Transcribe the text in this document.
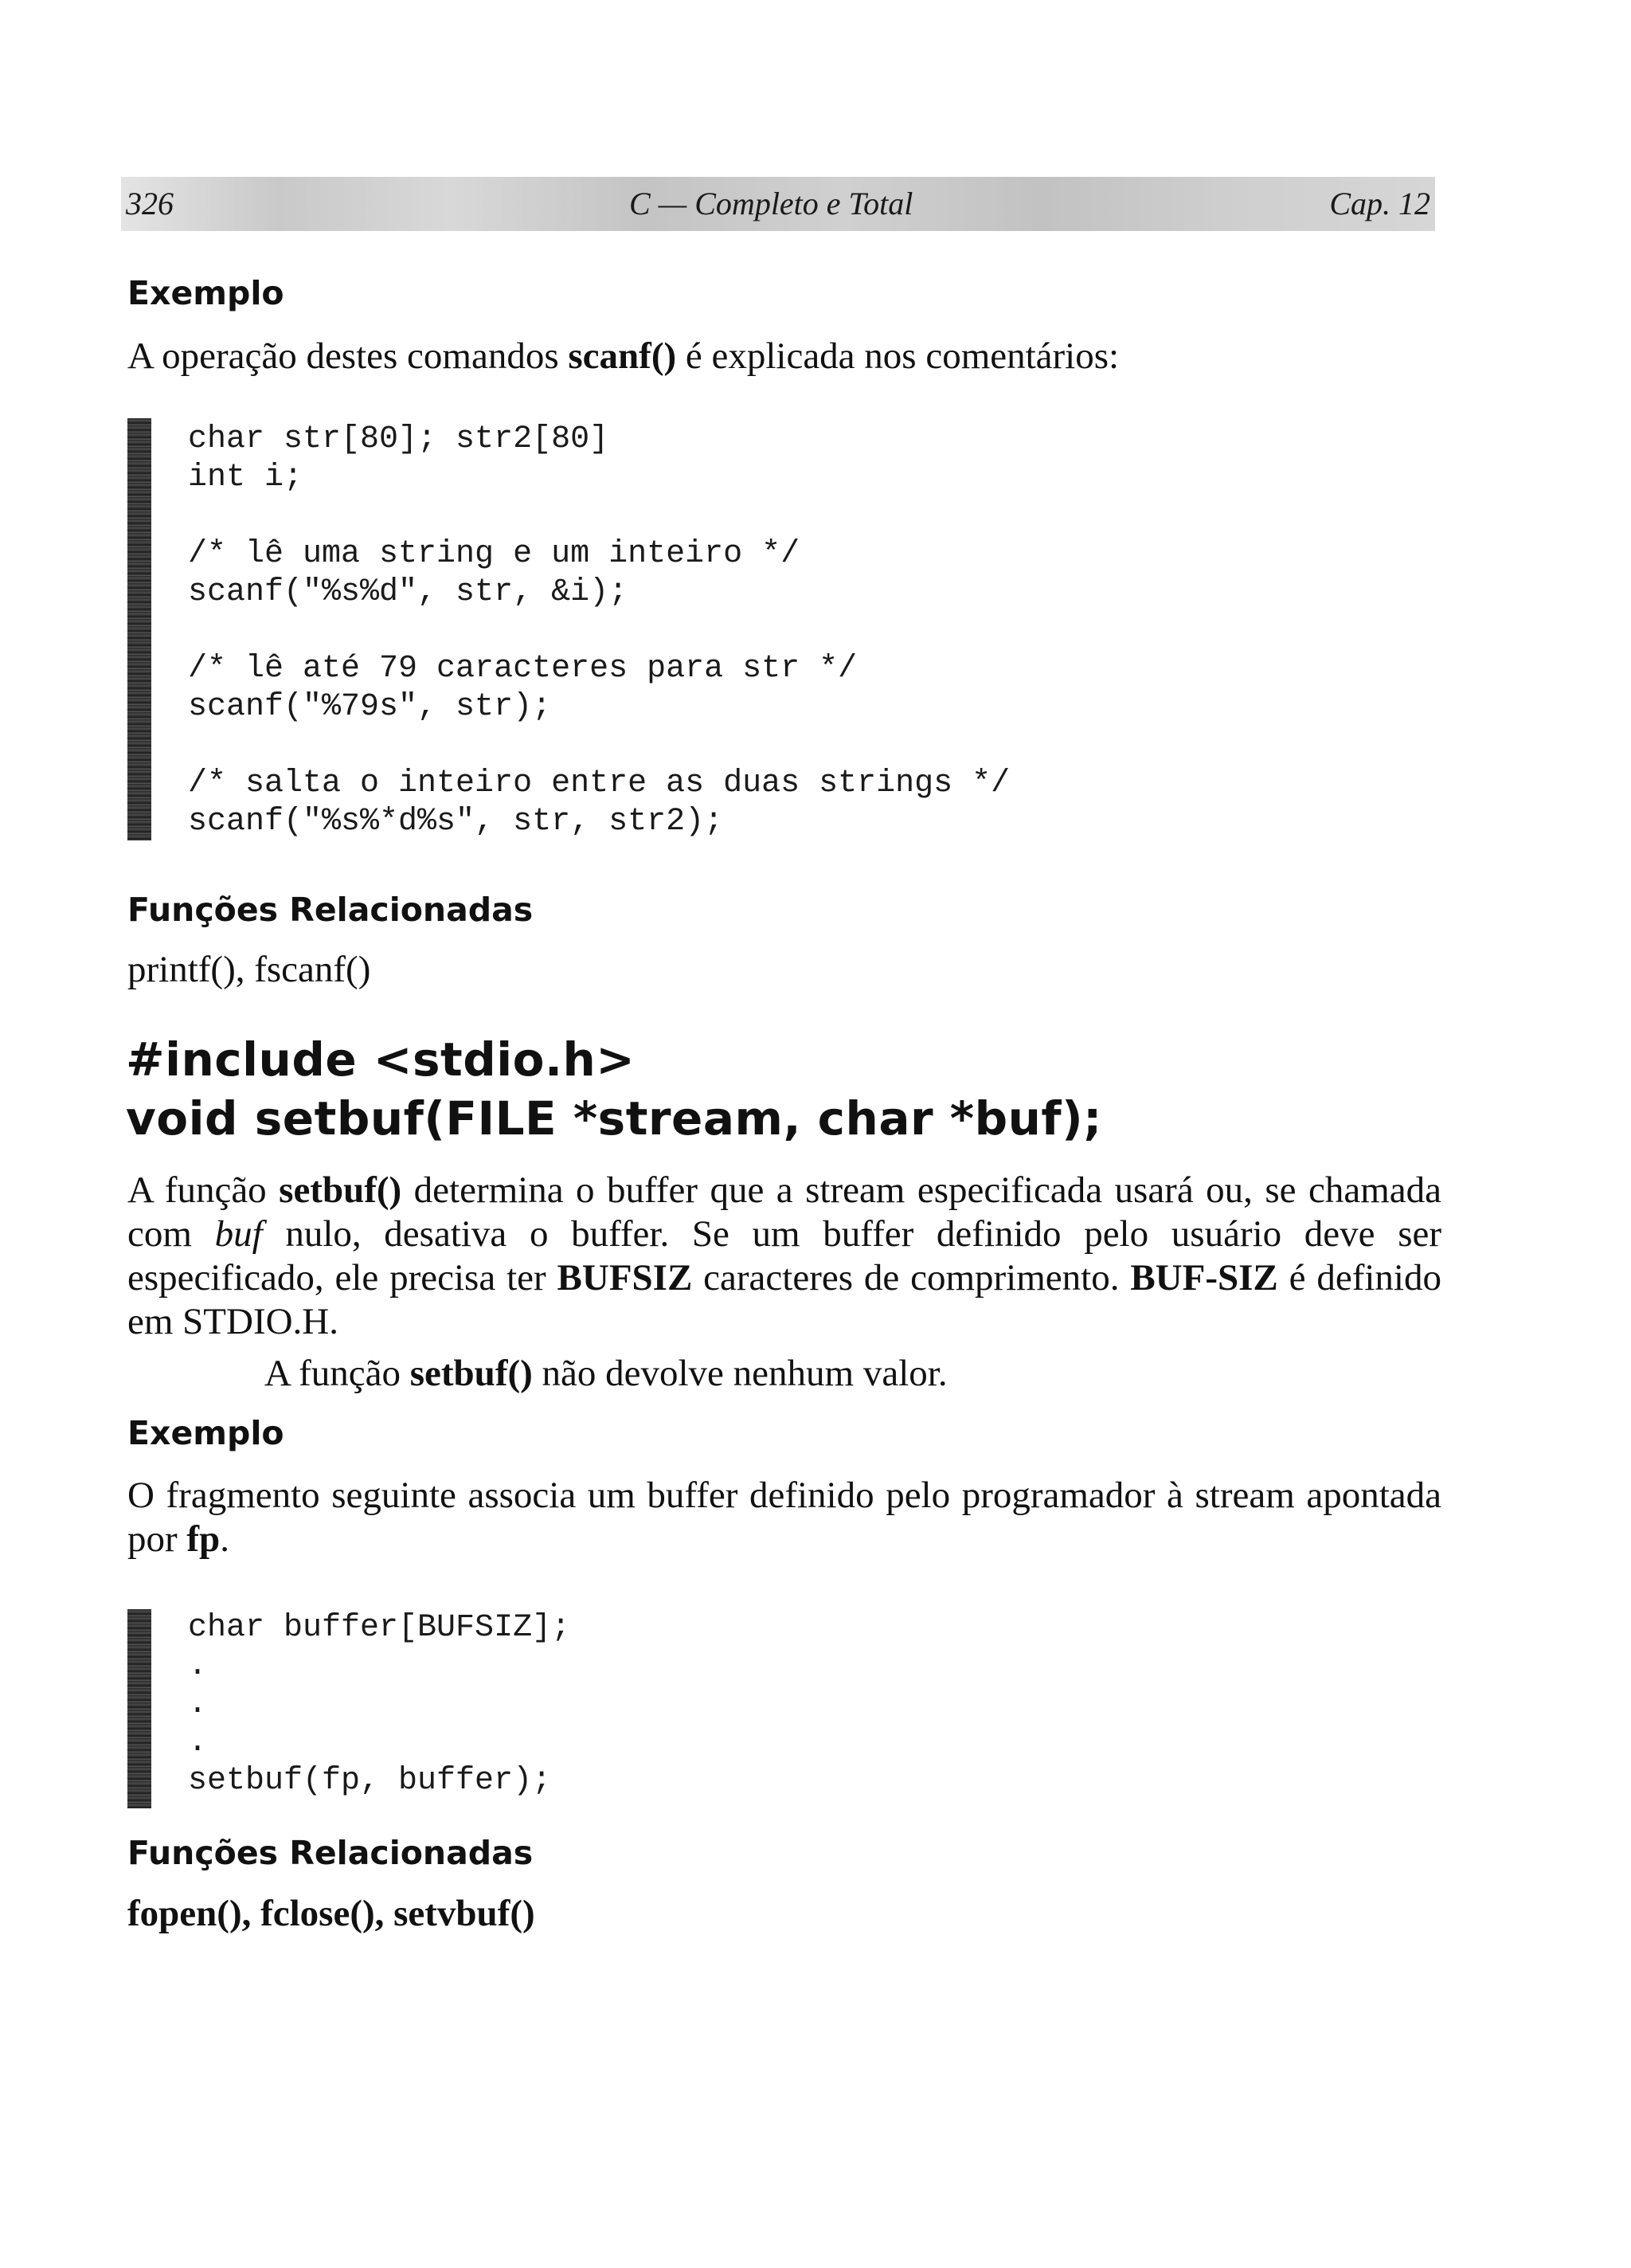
326	C — Completo e Total	Cap. 12
Exemplo
A operação destes comandos scanf() é explicada nos comentários:
char str[80]; str2[80]
int i;
/* lê uma string e um inteiro */
scanf("%s%d", str, &i);
/* lê até 79 caracteres para str */
scanf("%79s", str);
/* salta o inteiro entre as duas strings */
scanf("%s%*d%s", str, str2);
Funções Relacionadas
printf(), fscanf()
#include <stdio.h>
void setbuf(FILE *stream, char *buf);
A função setbuf() determina o buffer que a stream especificada usará ou, se chamada com buf nulo, desativa o buffer. Se um buffer definido pelo usuário deve ser especificado, ele precisa ter BUFSIZ caracteres de comprimento. BUF-SIZ é definido em STDIO.H.
A função setbuf() não devolve nenhum valor.
Exemplo
O fragmento seguinte associa um buffer definido pelo programador à stream apontada por fp.
char buffer[BUFSIZ];
.
.
.
setbuf(fp, buffer);
Funções Relacionadas
fopen(), fclose(), setvbuf()
